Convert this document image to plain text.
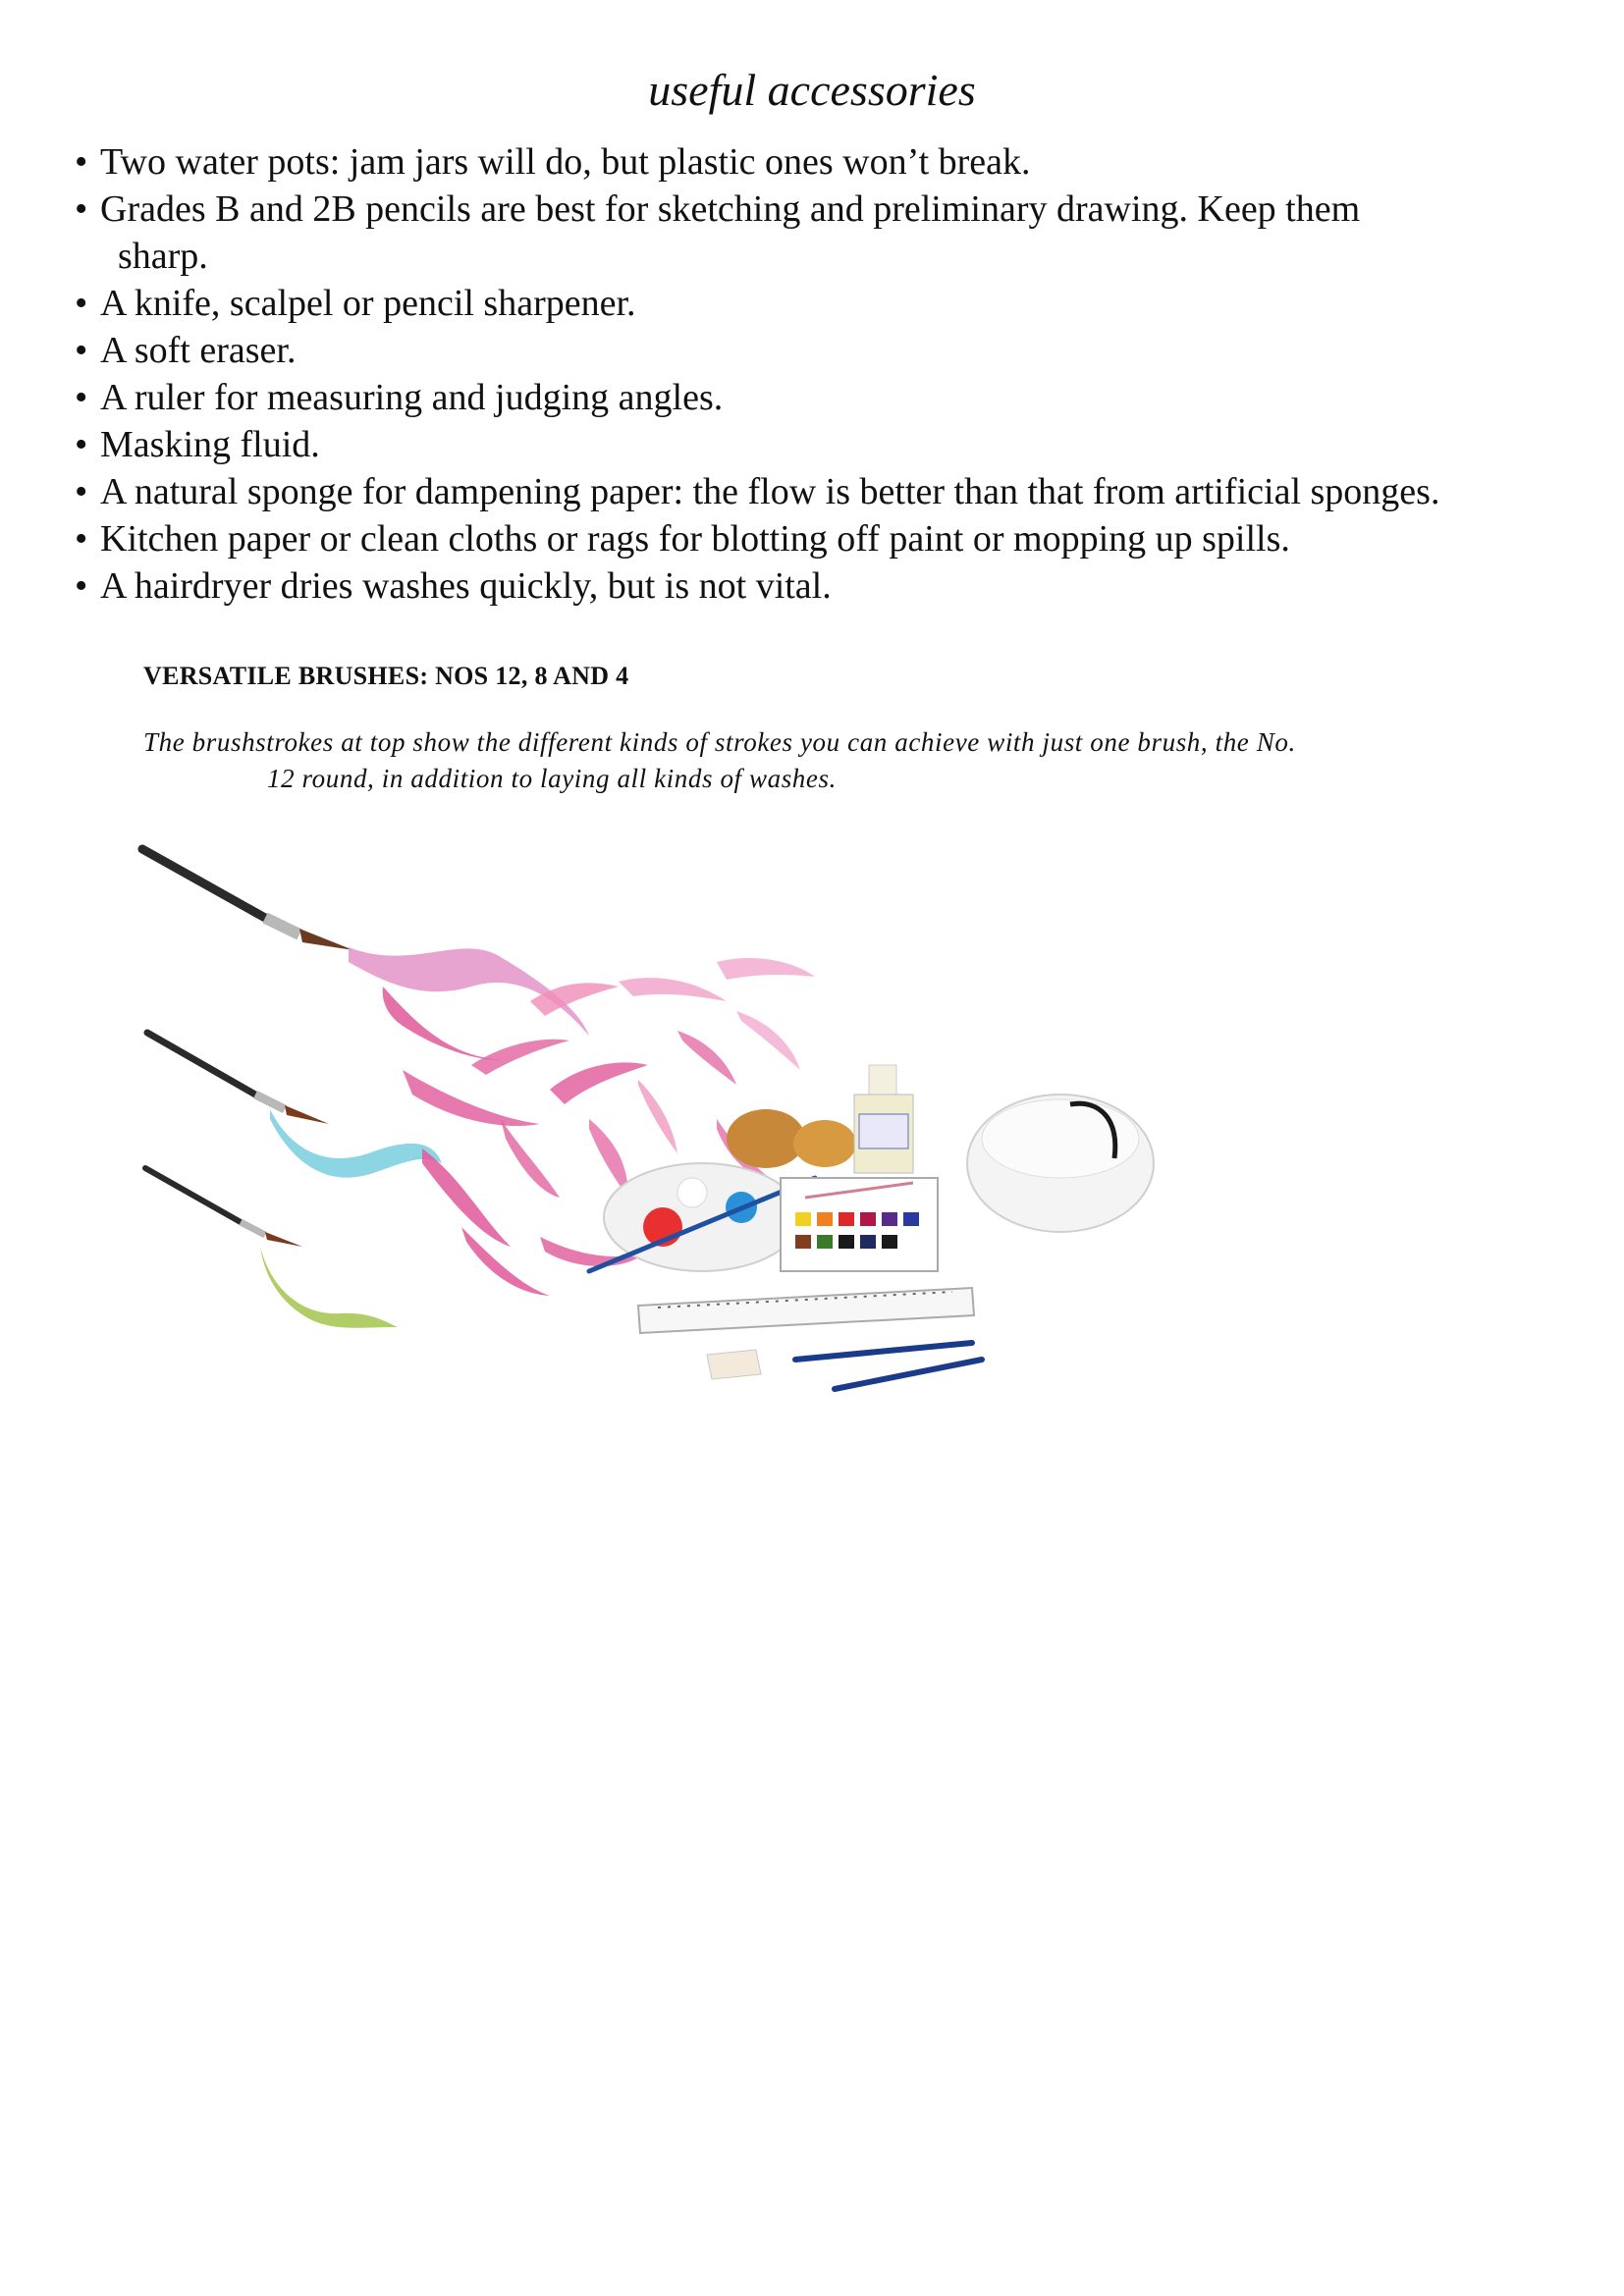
useful accessories
• Two water pots: jam jars will do, but plastic ones won’t break.
• Grades B and 2B pencils are best for sketching and preliminary drawing. Keep them
sharp.
• A knife, scalpel or pencil sharpener.
• A soft eraser.
• A ruler for measuring and judging angles.
• Masking fluid.
• A natural sponge for dampening paper: the flow is better than that from artificial sponges.
• Kitchen paper or clean cloths or rags for blotting off paint or mopping up spills.
• A hairdryer dries washes quickly, but is not vital.
VERSATILE BRUSHES: NOS 12, 8 AND 4
The brushstrokes at top show the different kinds of strokes you can achieve with just one brush, the No.
12 round, in addition to laying all kinds of washes.
